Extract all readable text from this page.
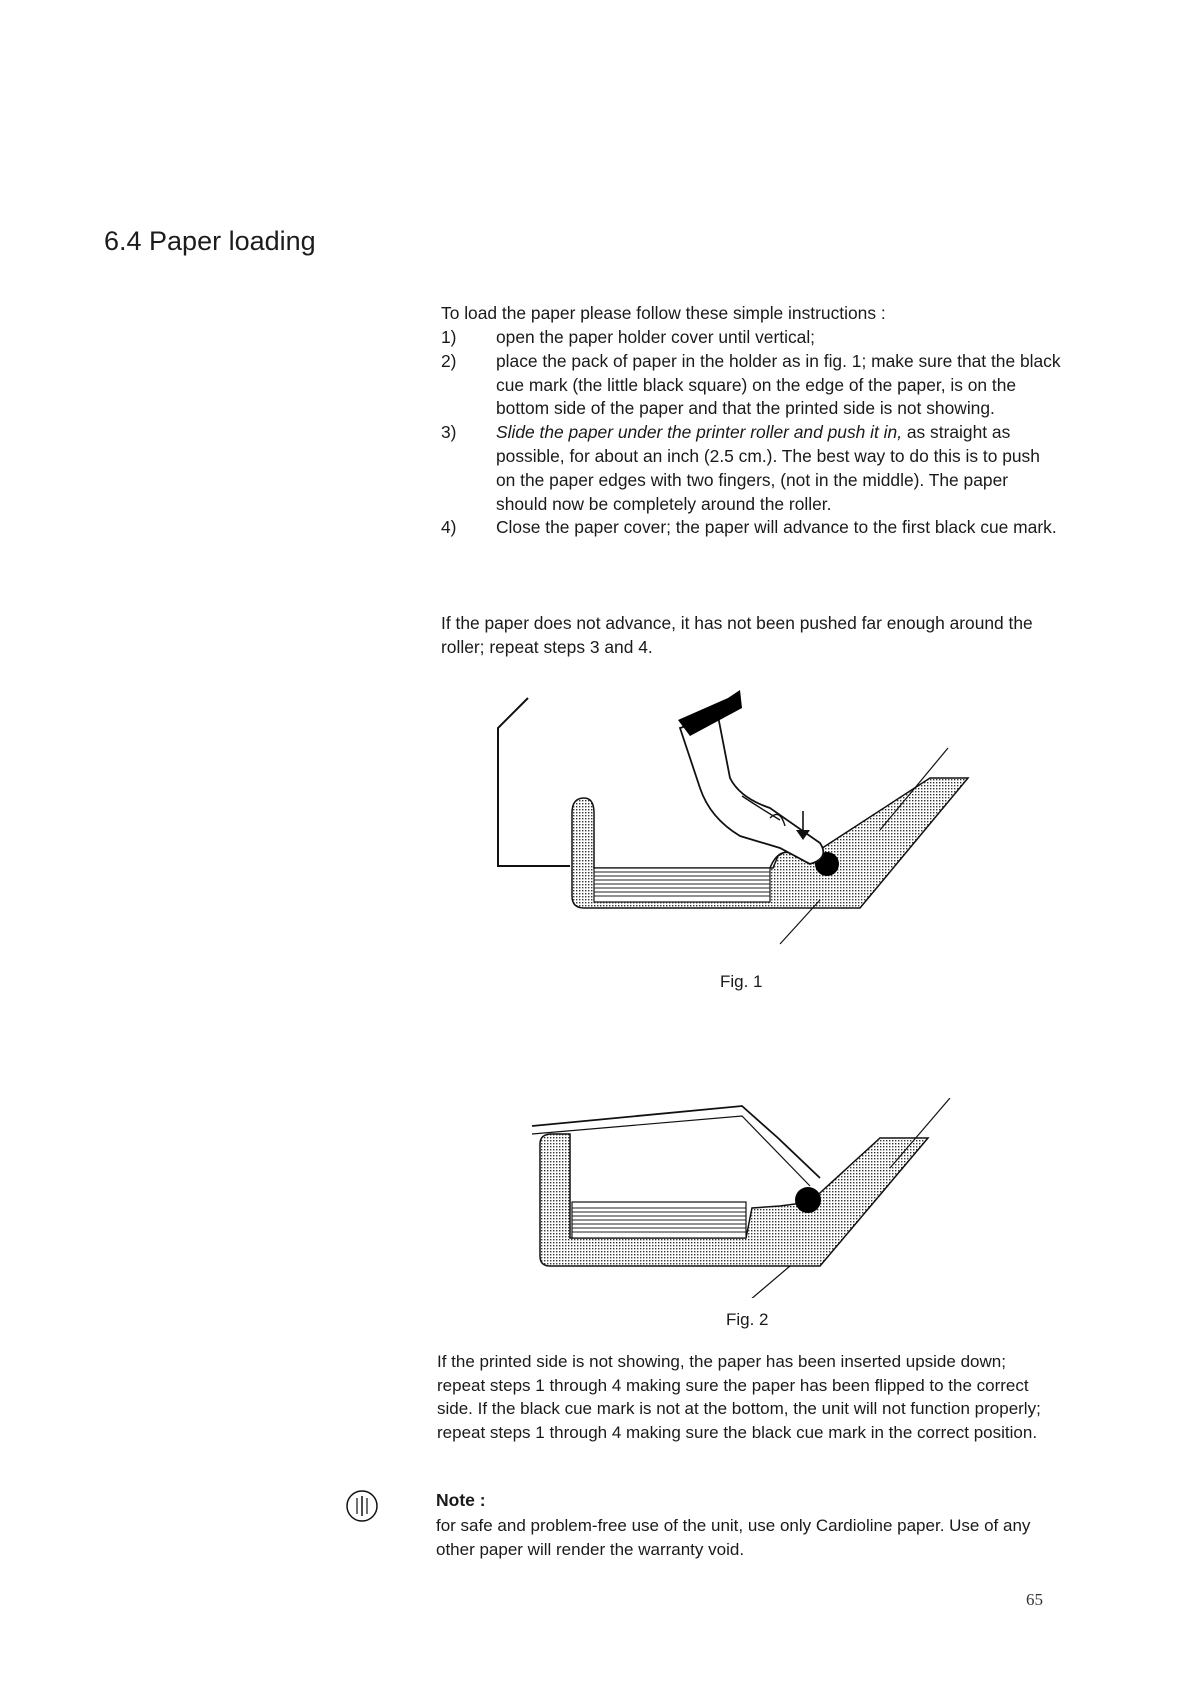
6.4 Paper loading
To load the paper please follow these simple instructions :
1)	open the paper holder cover until vertical;
2)	place the pack of paper in the holder as in fig. 1; make sure that the black cue mark (the little black square) on the edge of the paper, is on the bottom side of the paper and that the printed side is not showing.
3)	Slide the paper under the printer roller and push it in, as straight as possible, for about an inch (2.5 cm.). The best way to do this is to push on the paper edges with two fingers, (not in the middle). The paper should now be completely around the roller.
4)	Close the paper cover; the paper will advance to the first black cue mark.
If the paper does not advance, it has not been pushed far enough around the roller; repeat steps 3 and 4.
Fig. 1
Fig. 2
If the printed side is not showing, the paper has been inserted upside down; repeat steps 1 through 4 making sure the paper has been flipped to the correct side. If the black cue mark is not at the bottom, the unit will not function properly; repeat steps 1 through 4 making sure the black cue mark in the correct position.
Note :
for safe and problem-free use of the unit, use only Cardioline paper. Use of any other paper will render the warranty void.
65
